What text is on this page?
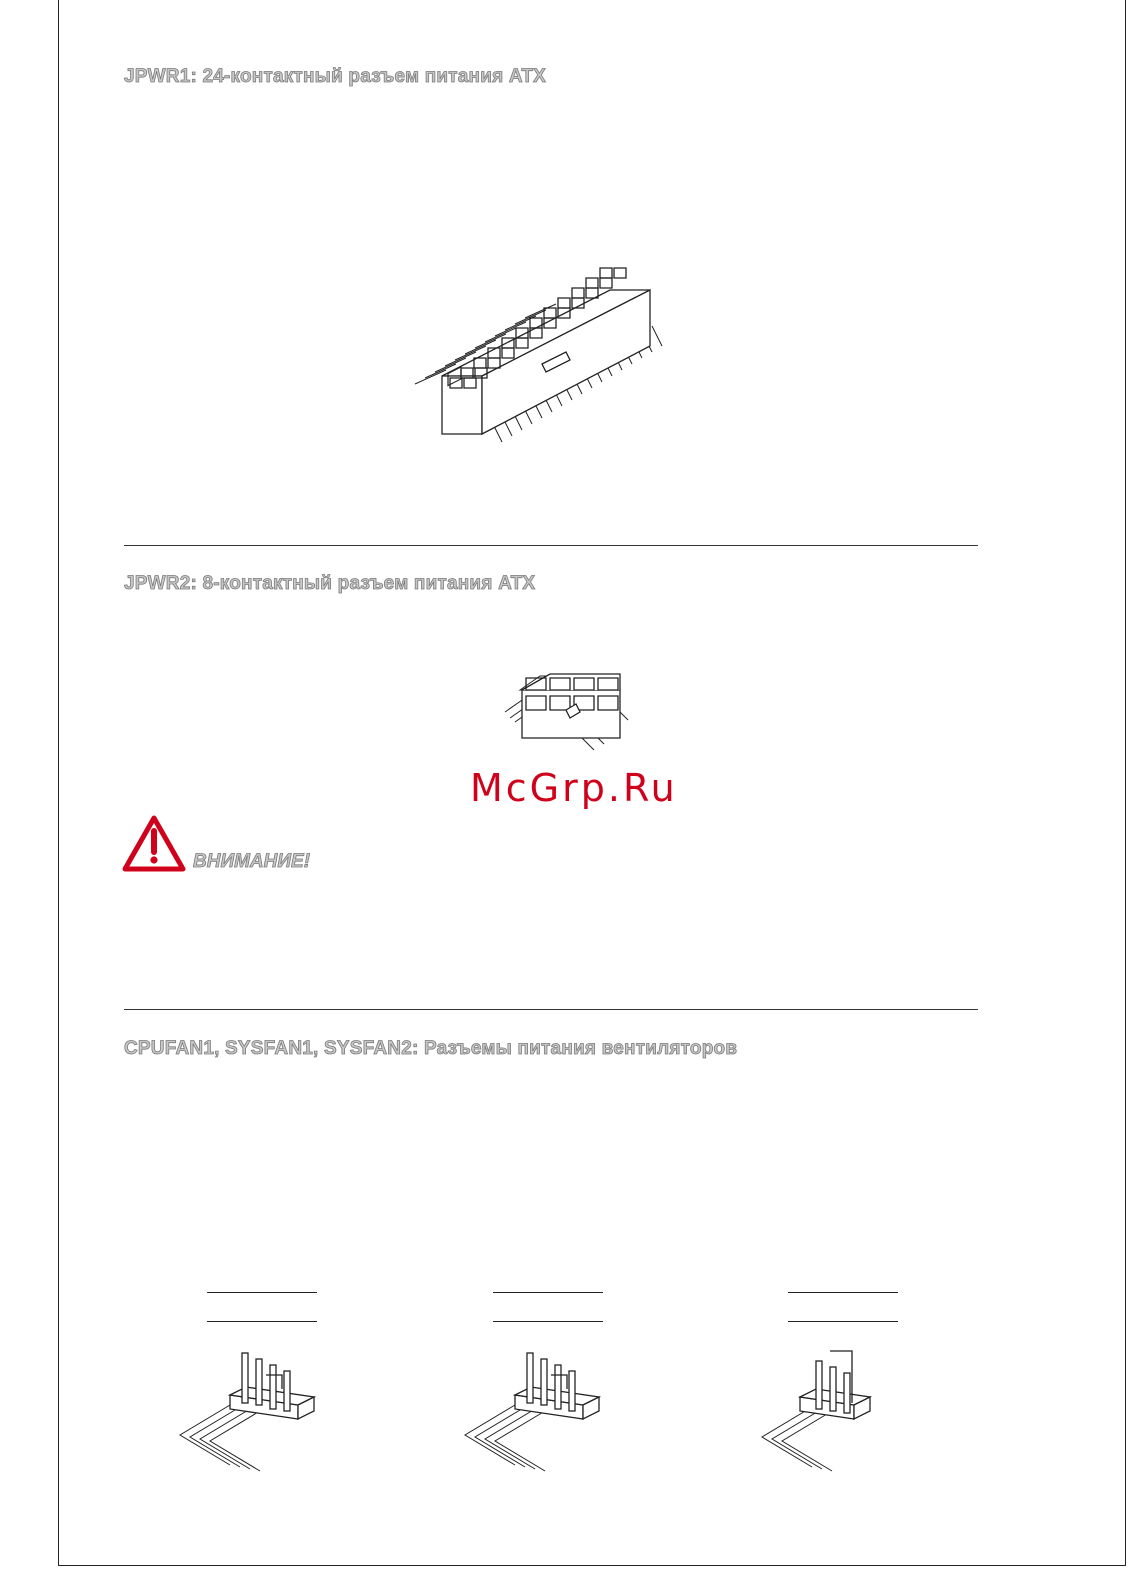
JPWR1: 24-контактный разъем питания ATX
JPWR2: 8-контактный разъем питания ATX

McGrp.Ru

ВНИМАНИЕ!

CPUFAN1, SYSFAN1, SYSFAN2: Разъемы питания вентиляторов
